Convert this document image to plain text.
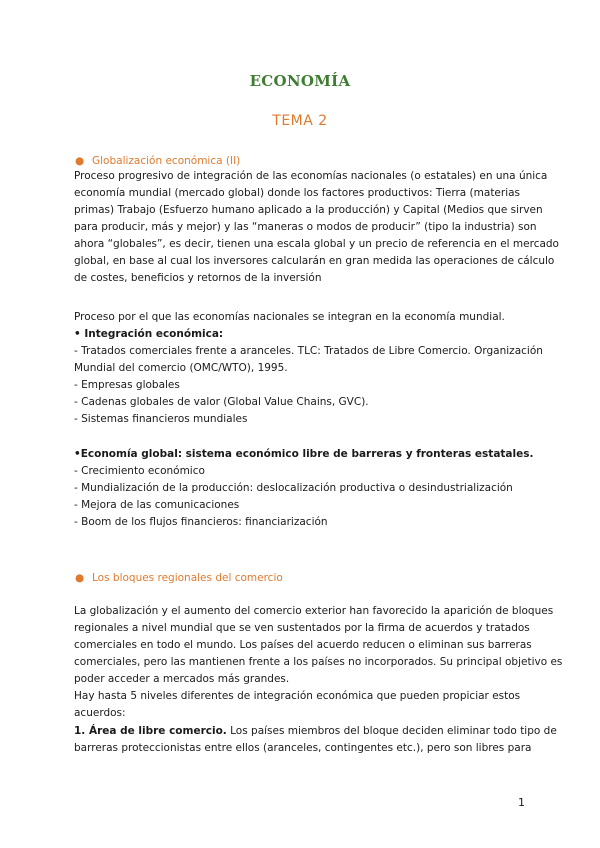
ECONOMÍA
TEMA 2
● Globalización económica (II)
Proceso progresivo de integración de las economías nacionales (o estatales) en una única
economía mundial (mercado global) donde los factores productivos: Tierra (materias
primas) Trabajo (Esfuerzo humano aplicado a la producción) y Capital (Medios que sirven
para producir, más y mejor) y las “maneras o modos de producir” (tipo la industria) son
ahora “globales”, es decir, tienen una escala global y un precio de referencia en el mercado
global, en base al cual los inversores calcularán en gran medida las operaciones de cálculo
de costes, beneficios y retornos de la inversión
Proceso por el que las economías nacionales se integran en la economía mundial.
• Integración económica:
- Tratados comerciales frente a aranceles. TLC: Tratados de Libre Comercio. Organización
Mundial del comercio (OMC/WTO), 1995.
- Empresas globales
- Cadenas globales de valor (Global Value Chains, GVC).
- Sistemas financieros mundiales
•Economía global: sistema económico libre de barreras y fronteras estatales.
- Crecimiento económico
- Mundialización de la producción: deslocalización productiva o desindustrialización
- Mejora de las comunicaciones
- Boom de los flujos financieros: financiarización
● Los bloques regionales del comercio
La globalización y el aumento del comercio exterior han favorecido la aparición de bloques
regionales a nivel mundial que se ven sustentados por la firma de acuerdos y tratados
comerciales en todo el mundo. Los países del acuerdo reducen o eliminan sus barreras
comerciales, pero las mantienen frente a los países no incorporados. Su principal objetivo es
poder acceder a mercados más grandes.
Hay hasta 5 niveles diferentes de integración económica que pueden propiciar estos
acuerdos:
1. Área de libre comercio. Los países miembros del bloque deciden eliminar todo tipo de
barreras proteccionistas entre ellos (aranceles, contingentes etc.), pero son libres para
1
